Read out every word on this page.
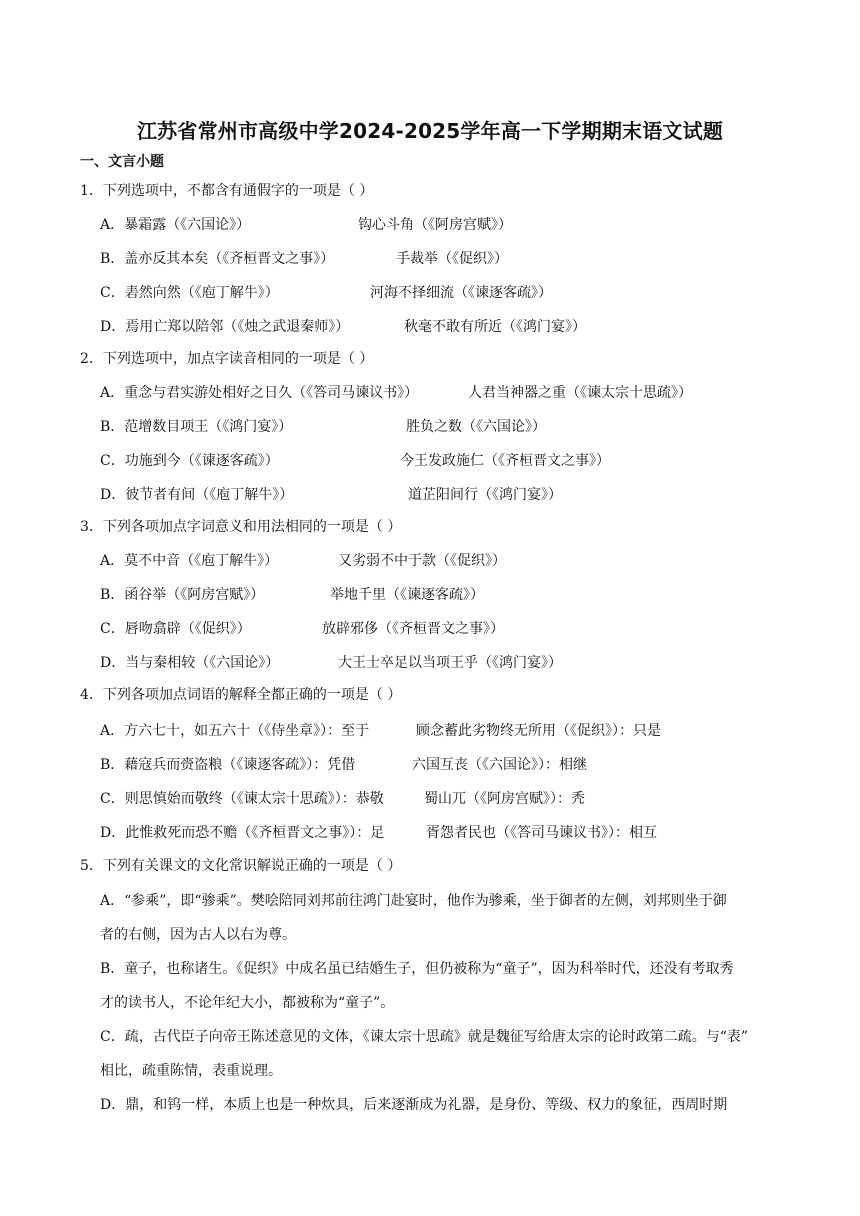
江苏省常州市高级中学2024-2025学年高一下学期期末语文试题
一、文言小题
1．下列选项中，不都含有通假字的一项是（ ）
A．暴霜露（《六国论》）	钩心斗角（《阿房宫赋》）
B．盖亦反其本矣（《齐桓晋文之事》）	手裁举（《促织》）
C．砉然向然（《庖丁解牛》）	河海不择细流（《谏逐客疏》）
D．焉用亡郑以陪邻（《烛之武退秦师》）	秋毫不敢有所近（《鸿门宴》）
2．下列选项中，加点字读音相同的一项是（ ）
A．重念与君实游处相好之日久（《答司马谏议书》）	人君当神器之重（《谏太宗十思疏》）
B．范增数目项王（《鸿门宴》）	胜负之数（《六国论》）
C．功施到今（《谏逐客疏》）	今王发政施仁（《齐桓晋文之事》）
D．彼节者有间（《庖丁解牛》）	道芷阳间行（《鸿门宴》）
3．下列各项加点字词意义和用法相同的一项是（ ）
A．莫不中音（《庖丁解牛》）	又劣弱不中于款（《促织》）
B．函谷举（《阿房宫赋》）	举地千里（《谏逐客疏》）
C．唇吻翕辟（《促织》）	放辟邪侈（《齐桓晋文之事》）
D．当与秦相较（《六国论》）	大王士卒足以当项王乎（《鸿门宴》）
4．下列各项加点词语的解释全都正确的一项是（ ）
A．方六七十，如五六十（《侍坐章》）：至于	顾念蓄此劣物终无所用（《促织》）：只是
B．藉寇兵而赍盗粮（《谏逐客疏》）：凭借	六国互丧（《六国论》）：相继
C．则思慎始而敬终（《谏太宗十思疏》）：恭敬	蜀山兀（《阿房宫赋》）：秃
D．此惟救死而恐不赡（《齐桓晋文之事》）：足	胥怨者民也（《答司马谏议书》）：相互
5．下列有关课文的文化常识解说正确的一项是（ ）
A．“参乘”，即“骖乘”。樊哙陪同刘邦前往鸿门赴宴时，他作为骖乘，坐于御者的左侧，刘邦则坐于御
者的右侧，因为古人以右为尊。
B．童子，也称诸生。《促织》中成名虽已结婚生子，但仍被称为“童子”，因为科举时代，还没有考取秀
才的读书人，不论年纪大小，都被称为“童子”。
C．疏，古代臣子向帝王陈述意见的文体，《谏太宗十思疏》就是魏征写给唐太宗的论时政第二疏。与“表”
相比，疏重陈情，表重说理。
D．鼎，和钨一样，本质上也是一种炊具，后来逐渐成为礼器，是身份、等级、权力的象征，西周时期
